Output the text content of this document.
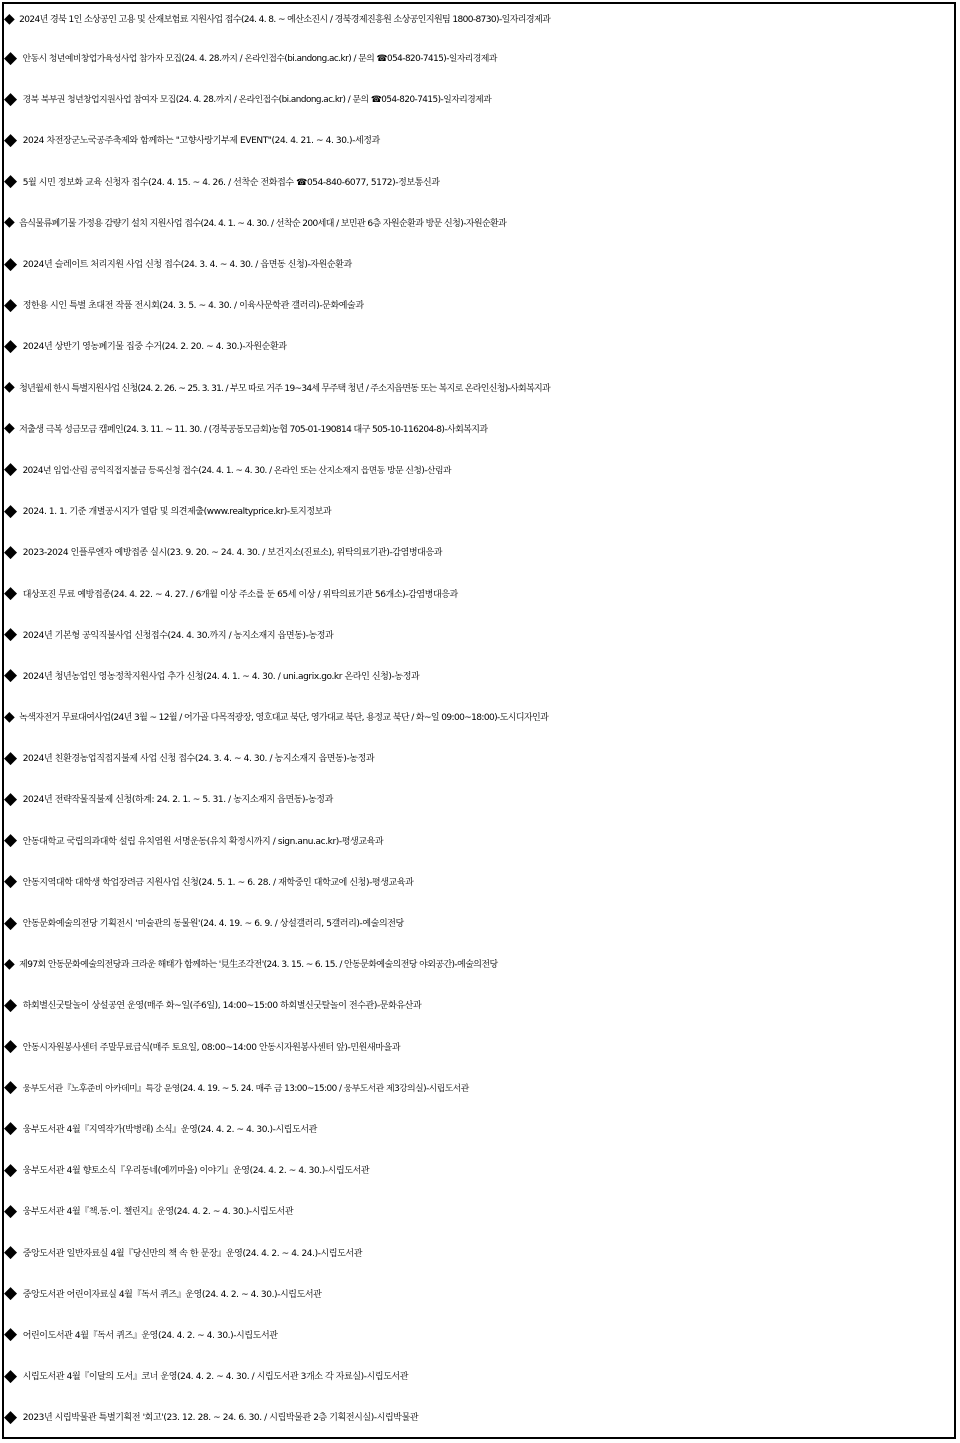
◆ 2024년 경북 1인 소상공인 고용 및 산재보험료 지원사업 접수(24. 4. 8. ~ 예산소진시 / 경북경제진흥원 소상공인지원팀 1800-8730)-일자리경제과
◆ 안동시 청년예비창업가육성사업 참가자 모집(24. 4. 28.까지 / 온라인접수(bi.andong.ac.kr) / 문의 ☎054-820-7415)-일자리경제과
◆ 경북 북부권 청년창업지원사업 참여자 모집(24. 4. 28.까지 / 온라인접수(bi.andong.ac.kr) / 문의 ☎054-820-7415)-일자리경제과
◆ 2024 차전장군노국공주축제와 함께하는 "고향사랑기부제 EVENT"(24. 4. 21. ~ 4. 30.)-세정과
◆ 5월 시민 정보화 교육 신청자 접수(24. 4. 15. ~ 4. 26. / 선착순 전화접수 ☎054-840-6077, 5172)-정보통신과
◆ 음식물류폐기물 가정용 감량기 설치 지원사업 접수(24. 4. 1. ~ 4. 30. / 선착순 200세대 / 보민관 6층 자원순환과 방문 신청)-자원순환과
◆ 2024년 슬레이트 처리지원 사업 신청 접수(24. 3. 4. ~ 4. 30. / 읍면동 신청)-자원순환과
◆ 정한용 시인 특별 초대전 작품 전시회(24. 3. 5. ~ 4. 30. / 이육사문학관 갤러리)-문화예술과
◆ 2024년 상반기 영농폐기물 집중 수거(24. 2. 20. ~ 4. 30.)-자원순환과
◆ 청년월세 한시 특별지원사업 신청(24. 2. 26. ~ 25. 3. 31. / 부모 따로 거주 19~34세 무주택 청년 / 주소지읍면동 또는 복지로 온라인신청)-사회복지과
◆ 저출생 극복 성금모금 캠페인(24. 3. 11. ~ 11. 30. / (경북공동모금회)농협 705-01-190814 대구 505-10-116204-8)-사회복지과
◆ 2024년 임업·산림 공익직접지불금 등록신청 접수(24. 4. 1. ~ 4. 30. / 온라인 또는 산지소재지 읍면동 방문 신청)-산림과
◆ 2024. 1. 1. 기준 개별공시지가 열람 및 의견제출(www.realtyprice.kr)-토지정보과
◆ 2023-2024 인플루엔자 예방접종 실시(23. 9. 20. ~ 24. 4. 30. / 보건지소(진료소), 위탁의료기관)-감염병대응과
◆ 대상포진 무료 예방접종(24. 4. 22. ~ 4. 27. / 6개월 이상 주소를 둔 65세 이상 / 위탁의료기관 56개소)-감염병대응과
◆ 2024년 기본형 공익직불사업 신청접수(24. 4. 30.까지 / 농지소재지 읍면동)-농정과
◆ 2024년 청년농업인 영농정착지원사업 추가 신청(24. 4. 1. ~ 4. 30. / uni.agrix.go.kr 온라인 신청)-농정과
◆ 녹색자전거 무료대여사업(24년 3월 ~ 12월 / 어가골 다목적광장, 영호대교 북단, 영가대교 북단, 용정교 북단 / 화~일 09:00~18:00)-도시디자인과
◆ 2024년 친환경농업직접지불제 사업 신청 접수(24. 3. 4. ~ 4. 30. / 농지소재지 읍면동)-농정과
◆ 2024년 전략작물직불제 신청(하계: 24. 2. 1. ~ 5. 31. / 농지소재지 읍면동)-농정과
◆ 안동대학교 국립의과대학 설립 유치염원 서명운동(유치 확정시까지 / sign.anu.ac.kr)-평생교육과
◆ 안동지역대학 대학생 학업장려금 지원사업 신청(24. 5. 1. ~ 6. 28. / 재학중인 대학교에 신청)-평생교육과
◆ 안동문화예술의전당 기획전시 '미술관의 동물원'(24. 4. 19. ~ 6. 9. / 상설갤러리, 5갤러리)-예술의전당
◆ 제97회 안동문화예술의전당과 크라운 해태가 함께하는 '見生조각전'(24. 3. 15. ~ 6. 15. / 안동문화예술의전당 야외공간)-예술의전당
◆ 하회별신굿탈놀이 상설공연 운영(매주 화~일(주6일), 14:00~15:00 하회별신굿탈놀이 전수관)-문화유산과
◆ 안동시자원봉사센터 주말무료급식(매주 토요일, 08:00~14:00 안동시자원봉사센터 앞)-민원새마을과
◆ 웅부도서관『노후준비 아카데미』특강 운영(24. 4. 19. ~ 5. 24. 매주 금 13:00~15:00 / 웅부도서관 제3강의실)-시립도서관
◆ 웅부도서관 4월『지역작가(박병래) 소식』운영(24. 4. 2. ~ 4. 30.)-시립도서관
◆ 웅부도서관 4월 향토소식『우리동네(예끼마을) 이야기』운영(24. 4. 2. ~ 4. 30.)-시립도서관
◆ 웅부도서관 4월『책.동.이. 챌린지』운영(24. 4. 2. ~ 4. 30.)-시립도서관
◆ 중앙도서관 일반자료실 4월『당신만의 책 속 한 문장』운영(24. 4. 2. ~ 4. 24.)-시립도서관
◆ 중앙도서관 어린이자료실 4월『독서 퀴즈』운영(24. 4. 2. ~ 4. 30.)-시립도서관
◆ 어린이도서관 4월『독서 퀴즈』운영(24. 4. 2. ~ 4. 30.)-시립도서관
◆ 시립도서관 4월『이달의 도서』코너 운영(24. 4. 2. ~ 4. 30. / 시립도서관 3개소 각 자료실)-시립도서관
◆ 2023년 시립박물관 특별기획전 '회고'(23. 12. 28. ~ 24. 6. 30. / 시립박물관 2층 기획전시실)-시립박물관
